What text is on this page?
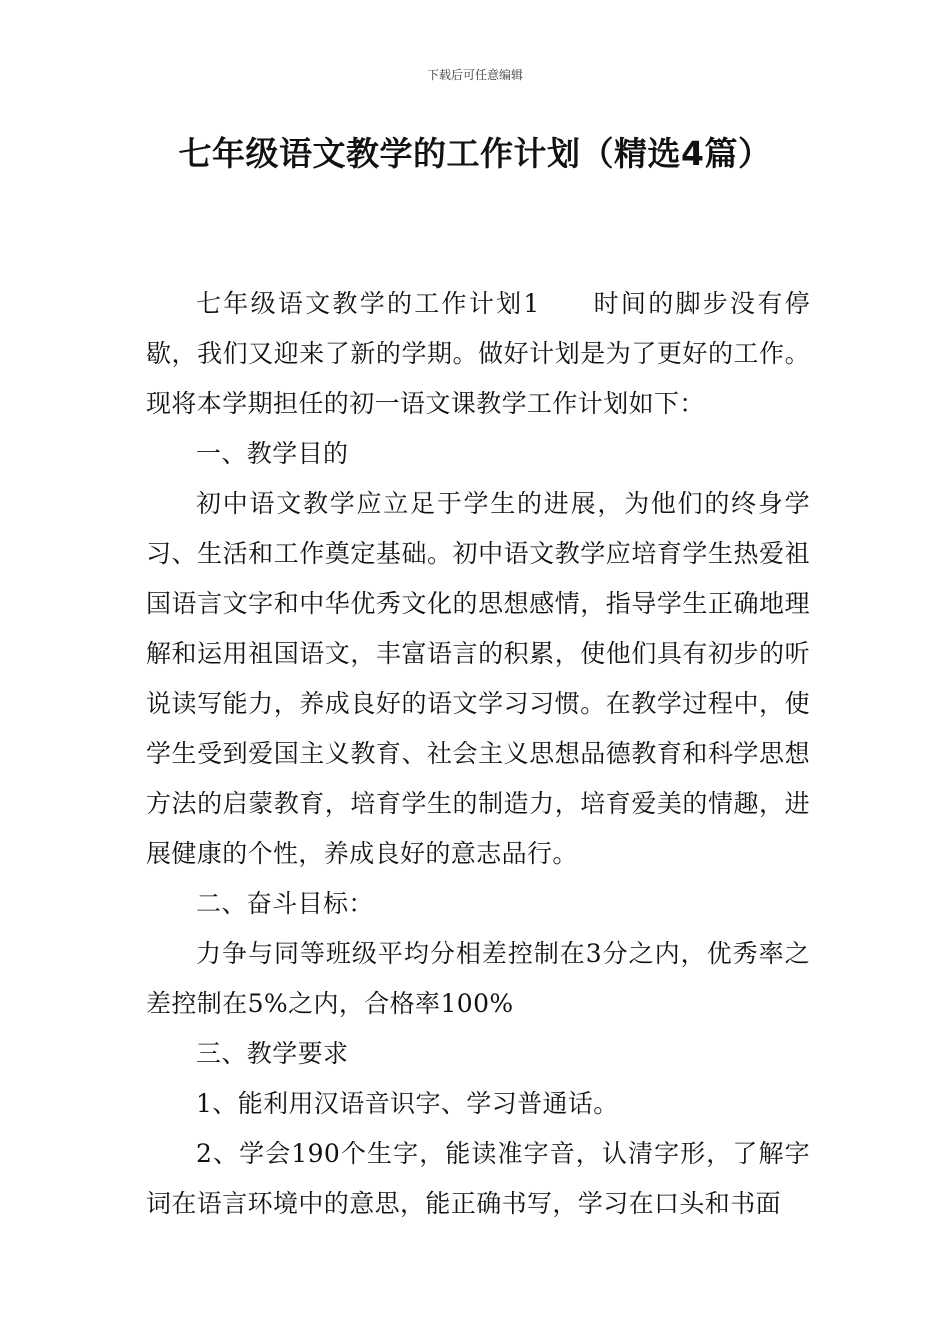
下载后可任意编辑
七年级语文教学的工作计划（精选4篇）

七年级语文教学的工作计划1 时间的脚步没有停歇，我们又迎来了新的学期。做好计划是为了更好的工作。现将本学期担任的初一语文课教学工作计划如下：

一、教学目的

初中语文教学应立足于学生的进展，为他们的终身学习、生活和工作奠定基础。初中语文教学应培育学生热爱祖国语言文字和中华优秀文化的思想感情，指导学生正确地理解和运用祖国语文，丰富语言的积累，使他们具有初步的听说读写能力，养成良好的语文学习习惯。在教学过程中，使学生受到爱国主义教育、社会主义思想品德教育和科学思想方法的启蒙教育，培育学生的制造力，培育爱美的情趣，进展健康的个性，养成良好的意志品行。

二、奋斗目标：

力争与同等班级平均分相差控制在3分之内，优秀率之差控制在5%之内，合格率100%

三、教学要求

1、能利用汉语音识字、学习普通话。

2、学会190个生字，能读准字音，认清字形，了解字词在语言环境中的意思，能正确书写，学习在口头和书面
